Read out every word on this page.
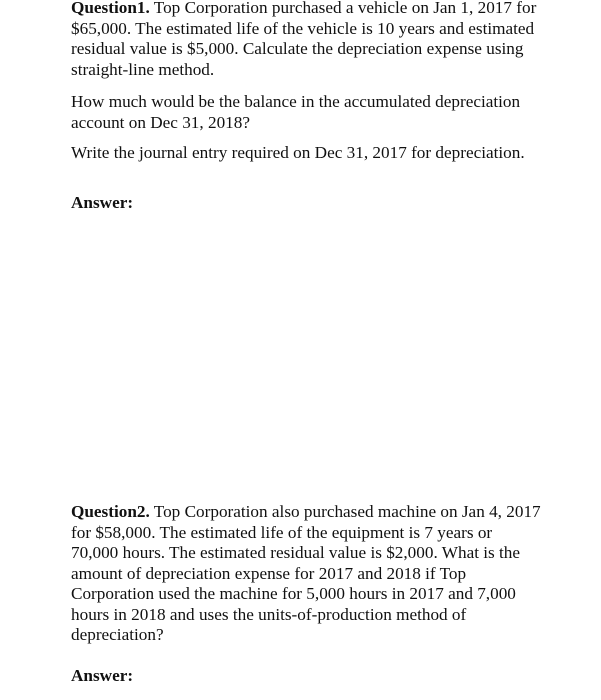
Question1. Top Corporation purchased a vehicle on Jan 1, 2017 for $65,000. The estimated life of the vehicle is 10 years and estimated residual value is $5,000. Calculate the depreciation expense using straight-line method.

How much would be the balance in the accumulated depreciation account on Dec 31, 2018?

Write the journal entry required on Dec 31, 2017 for depreciation.

Answer:

Question2. Top Corporation also purchased machine on Jan 4, 2017 for $58,000. The estimated life of the equipment is 7 years or 70,000 hours. The estimated residual value is $2,000. What is the amount of depreciation expense for 2017 and 2018 if Top Corporation used the machine for 5,000 hours in 2017 and 7,000 hours in 2018 and uses the units-of-production method of depreciation?

Answer:
